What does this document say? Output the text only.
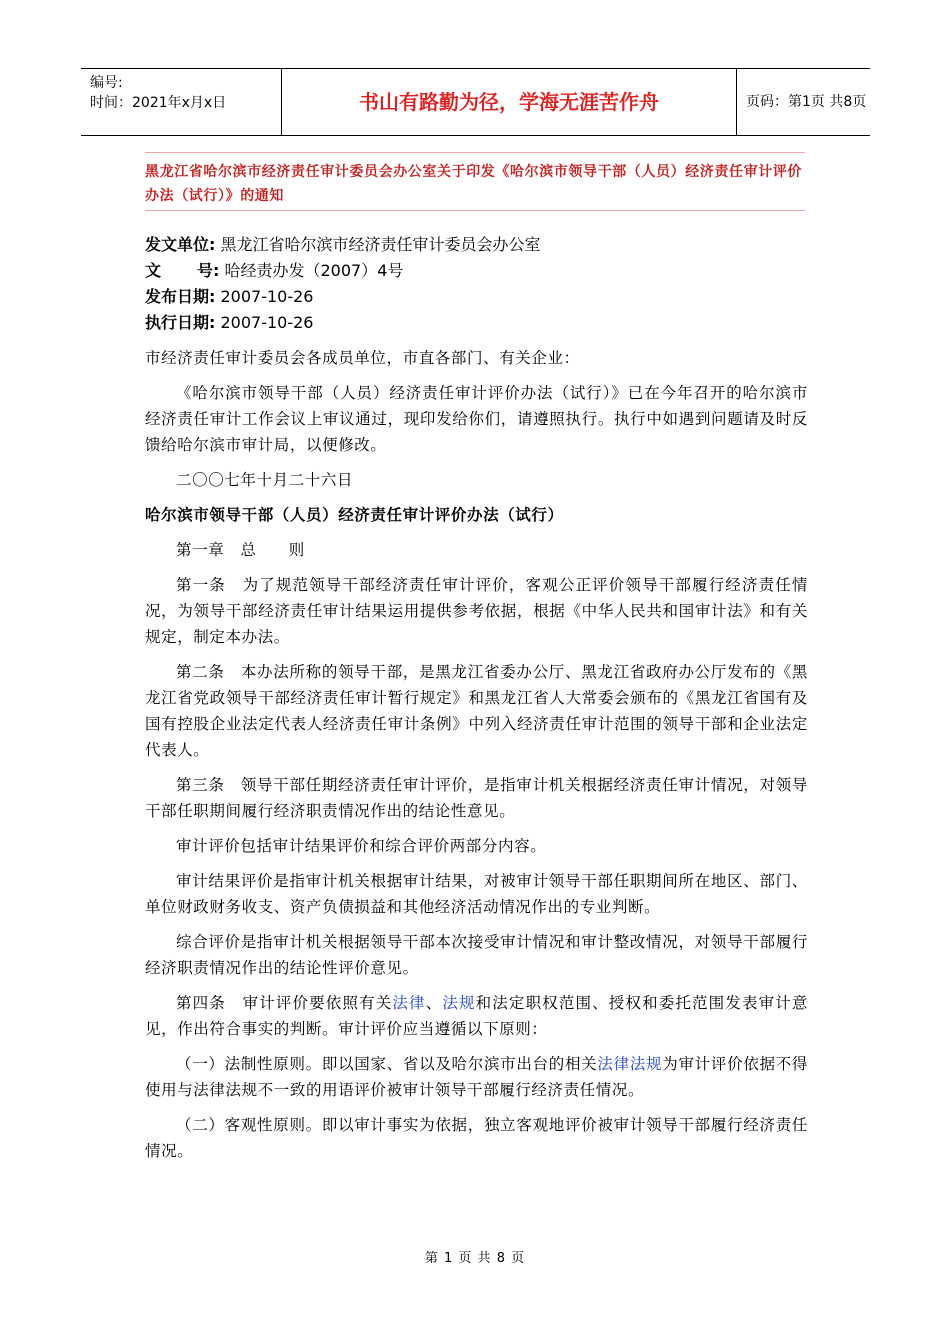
编号:
时间：2021年x月x日	书山有路勤为径，学海无涯苦作舟	页码：第1页 共8页
黑龙江省哈尔滨市经济责任审计委员会办公室关于印发《哈尔滨市领导干部（人员）经济责任审计评价办法（试行）》的通知
发文单位: 黑龙江省哈尔滨市经济责任审计委员会办公室
文 号: 哈经责办发（2007）4号
发布日期: 2007-10-26
执行日期: 2007-10-26

市经济责任审计委员会各成员单位，市直各部门、有关企业：

《哈尔滨市领导干部（人员）经济责任审计评价办法（试行）》已在今年召开的哈尔滨市经济责任审计工作会议上审议通过，现印发给你们，请遵照执行。执行中如遇到问题请及时反馈给哈尔滨市审计局，以便修改。

二〇〇七年十月二十六日

哈尔滨市领导干部（人员）经济责任审计评价办法（试行）

第一章　总　　则

第一条　为了规范领导干部经济责任审计评价，客观公正评价领导干部履行经济责任情况，为领导干部经济责任审计结果运用提供参考依据，根据《中华人民共和国审计法》和有关规定，制定本办法。

第二条　本办法所称的领导干部，是黑龙江省委办公厅、黑龙江省政府办公厅发布的《黑龙江省党政领导干部经济责任审计暂行规定》和黑龙江省人大常委会颁布的《黑龙江省国有及国有控股企业法定代表人经济责任审计条例》中列入经济责任审计范围的领导干部和企业法定代表人。

第三条　领导干部任期经济责任审计评价，是指审计机关根据经济责任审计情况，对领导干部任职期间履行经济职责情况作出的结论性意见。

审计评价包括审计结果评价和综合评价两部分内容。

审计结果评价是指审计机关根据审计结果，对被审计领导干部任职期间所在地区、部门、单位财政财务收支、资产负债损益和其他经济活动情况作出的专业判断。

综合评价是指审计机关根据领导干部本次接受审计情况和审计整改情况，对领导干部履行经济职责情况作出的结论性评价意见。

第四条　审计评价要依照有关法律、法规和法定职权范围、授权和委托范围发表审计意见，作出符合事实的判断。审计评价应当遵循以下原则：

（一）法制性原则。即以国家、省以及哈尔滨市出台的相关法律法规为审计评价依据不得使用与法律法规不一致的用语评价被审计领导干部履行经济责任情况。

（二）客观性原则。即以审计事实为依据，独立客观地评价被审计领导干部履行经济责任情况。

第 1 页 共 8 页
